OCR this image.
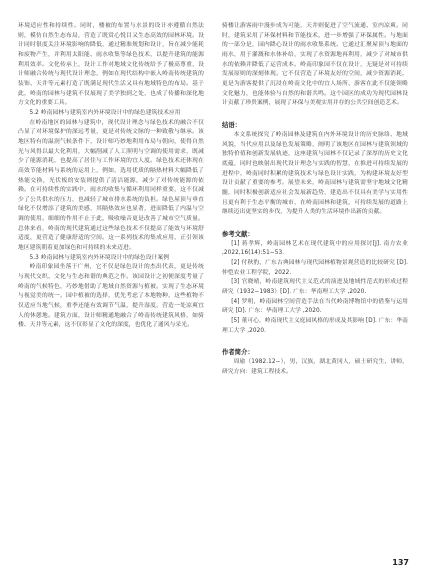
环境适应性和持续性。同时，楼被的布置与水景的设计亦遵循自然法则，模仿自然生态布局，营造了既赏心悦目又生态高效的园林环境。设计同时很度关注环境影响的降低，通过精准规划和设计，旨在减少能耗和废物产生，并利用太阳能、雨水收集等绿色技术，以提升建筑的能源利用效率。文化传承上，设计工作对地域文化传统给予了极高尊重，设计师融合传统与现代设计理念，例如在现代结构中嵌入岭南传统建筑的装饰、天井等元素打造了既满足现代生活又具有地域特色的布局。基于此，岭南的园林与建筑不仅展现了美学独到之处，也成了传播和深化地方文化的重要工具。

5.2 岭南园林与建筑室内外环境设计中的绿色建筑技术应用

在岭南地区的园林与建筑中，现代设计理念与绿色技术的融合不仅凸显了对环境保护的深远考量，更是对传统文脉的一种致敬与继承。该地区特有的温润气候条件下，设计师巧妙地利用布局与朝向，使得自然光与风得以最大化利用，大幅削减了人工照明与空调的使用需求，既减少了能源消耗，也提高了居住与工作环境的宜人度。绿色技术还体现在高效节能材料与系统的运用上，例如，选用优质的隔热材料大幅降低了热能交换，光伏板的安装则提供了清洁能源，减少了对传统能源的依赖。在可持续性的实践中，雨水的收集与循环利用同样重要，这不仅减少了公共供水的压力，也减轻了城市排水系统的负担。绿色屋顶与垂直绿化不仅增添了建筑的美感，其隔热效应也显著，进而降低了内温与空调的使用。细细的作用不止于此，吸收噪音更是改善了城市空气质量。总体来看，岭南的现代建筑通过这些绿色技术不仅提高了能效与环境舒适度，更营造了健康舒适的空间。这一系列技术的集成应用，正引领该地区建筑朝着更加绿色和可持续的未来迈进。

5.3 岭南园林与建筑室内外环境设计中的绿色设计案例

岭南印象园坐落于广州，它不仅是绿色设计的杰出代表，更是传统与现代交织、文化与生态和谐的典范之作。该园设计之初便深度考量了岭南的气候特色，巧妙地借助了地域自然资源与植被。实现了生态环境与视觉美的统一。园中植被的选择，优先考虑了本地物种，这些植物不仅适应当地气候，重季还能有效调节气温，提升湿度，营造一处凉爽宜人的休憩地。建筑方面，设计师精通地融合了岭南传统建筑风格，如骑楼、天井等元素，这不仅彰显了文化的深度，也优化了通风与采光。

骑楼让游客雨中漫步成为可能，天井则促进了空气流通、室内凉爽。同时，建筑采用了环保材料和节能技术，进一步增强了环保属性。与地面的一部分是，园内降心设计的雨水收集系统。它通过汇聚屋顶与地面的雨水，用于灌溉和水体补给，实现了水资源地再利用，减少了对城市供水的依赖并降低了运营成本。岭南印象园不仅在设计，无疑是对可持续发展原则的深刻体现。它不仅营造了环境友好的空间，减少资源消耗，更是为游客提供了沉浸在岭南文化中的宜人场所，游客在此不仅能领略文化魅力，也能体验与自然的和谐共鸣。这个园区的成功为现代园林设计贡献了珍贵案例，展现了环保与美观实用并存的公共空间创造艺术。

结语：

本文系统探究了岭南园林及建筑在内外环境设计的历史脉络、地域风貌，当代应用以及绿色发展策略，阐明了该地区在园林与建筑领域的独特价值和创新发展轨迹，这座建筑与园林不仅记录了深厚的历史文化底蕴，同时也映射出现代设计理念与实践的智慧，在推进可持续发展的进程中，岭南同时积累的建筑技术与绿色设计实践，为构建环境友好型设计贡献了重要的参考。展望未来，岭南园林与建筑需坚守地域文化精髓，同时积极创新适应社会发展新趋势，建造出不仅具有美学与实用性且更有利于生态平衡的城市，在岭南园林和建筑，可持续发展的道路上继续迈出更坚实的步伐，为提升人类的生活环境作出新的贡献。

参考文献：

[1] 蒋孝辉，岭南园林艺术在现代建筑中的应用探讨[J]. 南方农业 ,2022,16(14):51−53.

[2] 付秋豹，广东古典园林与现代园林植物景观营造的比较研究 [D]. 仲恺农业工程学院，2022.

[3] 官晓晴，岭南建筑现代主义范式的演进及地域性范式的形成过程研究（1932−1983）[D]. 广东：华南理工大学 ,2020.

[4] 罗明，岭南园林空间营造手法在当代岭南博物馆中的借鉴与运用研究 [D]. 广东：华南理工大学 ,2020.

[5] 董可心，岭南现代主义庭园风格的形成及其影响 [D]. 广东：华南理工大学 ,2020.

作者简介：

周瑜（1982.12−），男，汉族，湖北黄冈人，硕士研究生，讲师，研究方向：建筑工程技术。

137
